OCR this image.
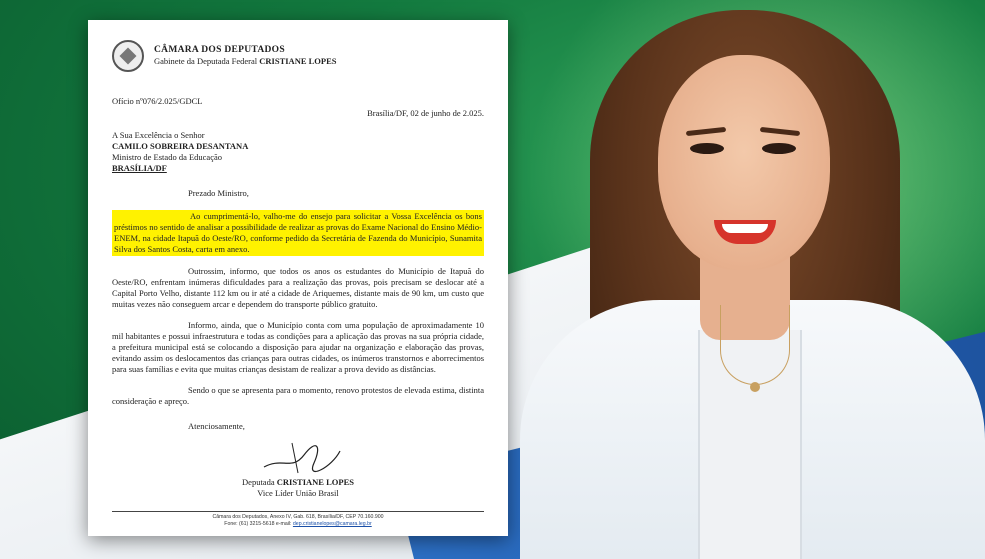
CÂMARA DOS DEPUTADOS
Gabinete da Deputada Federal CRISTIANE LOPES
Ofício nº076/2.025/GDCL
Brasília/DF, 02 de junho de 2.025.
A Sua Excelência o Senhor
CAMILO SOBREIRA DESANTANA
Ministro de Estado da Educação
BRASÍLIA/DF
Prezado Ministro,

Ao cumprimentá-lo, valho-me do ensejo para solicitar a Vossa Excelência os bons préstimos no sentido de analisar a possibilidade de realizar as provas do Exame Nacional do Ensino Médio-ENEM, na cidade Itapuã do Oeste/RO, conforme pedido da Secretária de Fazenda do Município, Sunamita Silva dos Santos Costa, carta em anexo.

Outrossim, informo, que todos os anos os estudantes do Município de Itapuã do Oeste/RO, enfrentam inúmeras dificuldades para a realização das provas, pois precisam se deslocar até a Capital Porto Velho, distante 112 km ou ir até a cidade de Ariquemes, distante mais de 90 km, um custo que muitas vezes não conseguem arcar e dependem do transporte público gratuito.

Informo, ainda, que o Município conta com uma população de aproximadamente 10 mil habitantes e possui infraestrutura e todas as condições para a aplicação das provas na sua própria cidade, a prefeitura municipal está se colocando a disposição para ajudar na organização e elaboração das provas, evitando assim os deslocamentos das crianças para outras cidades, os inúmeros transtornos e aborrecimentos para suas famílias e evita que muitas crianças desistam de realizar a prova devido as distâncias.

Sendo o que se apresenta para o momento, renovo protestos de elevada estima, distinta consideração e apreço.

Atenciosamente,
Deputada CRISTIANE LOPES
Vice Líder União Brasil
Câmara dos Deputados, Anexo IV, Gab. 618, Brasília/DF, CEP 70.160.900
Fone: (61) 3215-5618 e-mail: dep.cristianelopes@camara.leg.br
